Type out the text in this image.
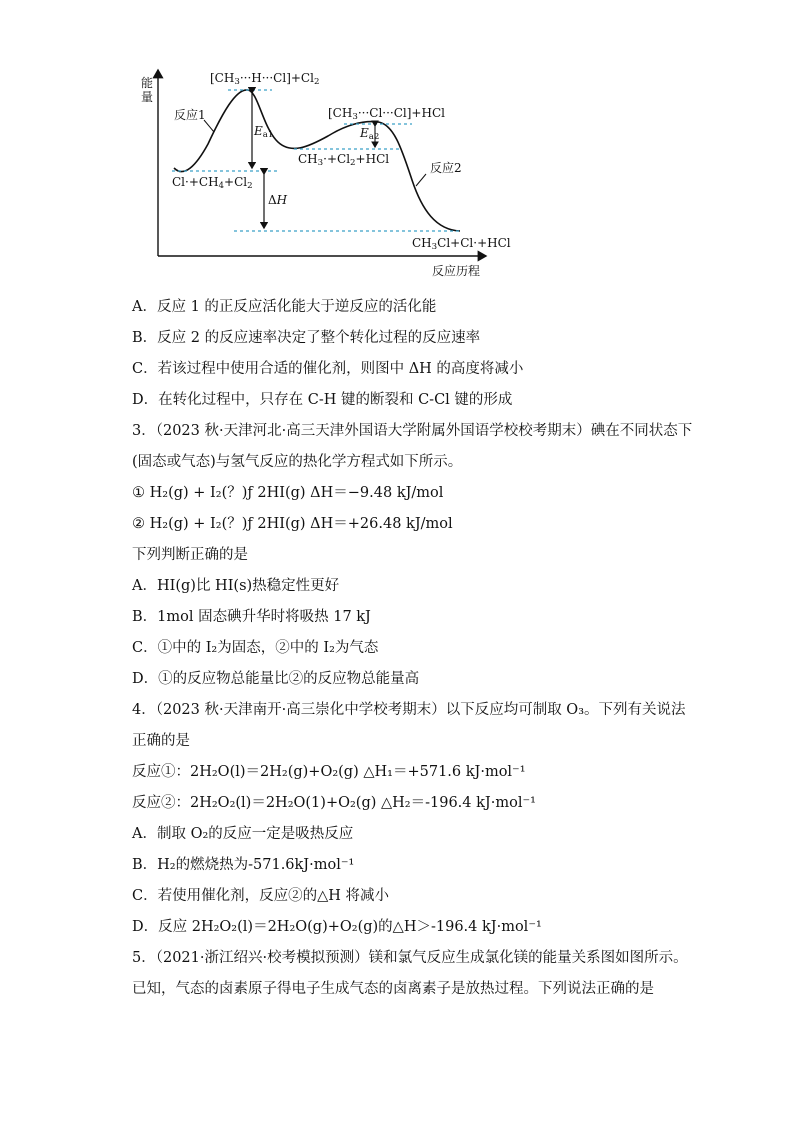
能量
$[CH_3\cdot\cdot\cdot H\cdot\cdot\cdot Cl]+Cl_2$
$[CH_3\cdot\cdot\cdot Cl\cdot\cdot\cdot Cl]+HCl$
反应1
$E_{a1}$	$E_{a2}$
$CH_3\cdot+Cl_2+HCl$
$Cl\cdot+CH_4+Cl_2$
反应2
ΔH
$CH_3Cl+Cl\cdot+HCl$
反应历程
A．反应 1 的正反应活化能大于逆反应的活化能
B．反应 2 的反应速率决定了整个转化过程的反应速率
C．若该过程中使用合适的催化剂，则图中 ΔH 的高度将减小
D．在转化过程中，只存在 C-H 键的断裂和 C-Cl 键的形成
3．（2023 秋·天津河北·高三天津外国语大学附属外国语学校校考期末）碘在不同状态下
(固态或气态)与氢气反应的热化学方程式如下所示。
① H₂(g) + I₂(？)ƒ 2HI(g) ΔH＝−9.48 kJ/mol
② H₂(g) + I₂(？)ƒ 2HI(g) ΔH＝+26.48 kJ/mol
下列判断正确的是
A．HI(g)比 HI(s)热稳定性更好
B．1mol 固态碘升华时将吸热 17 kJ
C．①中的 I₂为固态，②中的 I₂为气态
D．①的反应物总能量比②的反应物总能量高
4．（2023 秋·天津南开·高三崇化中学校考期末）以下反应均可制取 O₃。下列有关说法
正确的是
反应①：2H₂O(l)＝2H₂(g)+O₂(g) △H₁＝+571.6 kJ·mol⁻¹
反应②：2H₂O₂(l)＝2H₂O(1)+O₂(g) △H₂＝-196.4 kJ·mol⁻¹
A．制取 O₂的反应一定是吸热反应
B．H₂的燃烧热为-571.6kJ·mol⁻¹
C．若使用催化剂，反应②的△H 将减小
D．反应 2H₂O₂(l)＝2H₂O(g)+O₂(g)的△H＞-196.4 kJ·mol⁻¹
5．（2021·浙江绍兴·校考模拟预测）镁和氯气反应生成氯化镁的能量关系图如图所示。
已知，气态的卤素原子得电子生成气态的卤离素子是放热过程。下列说法正确的是
